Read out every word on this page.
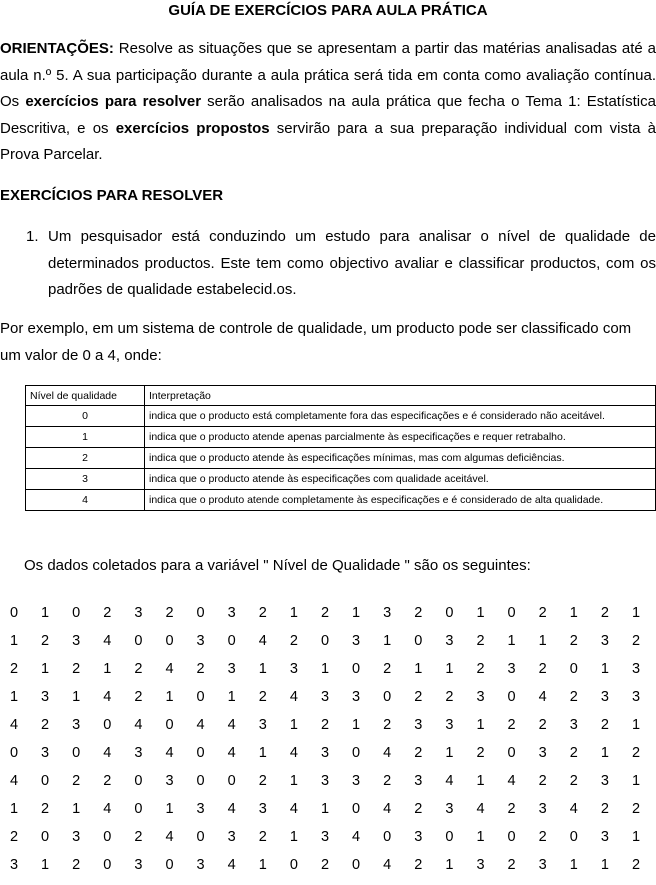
GUÍA DE EXERCÍCIOS PARA AULA PRÁTICA

ORIENTAÇÕES: Resolve as situações que se apresentam a partir das matérias analisadas até a aula n.º 5. A sua participação durante a aula prática será tida em conta como avaliação contínua. Os exercícios para resolver serão analisados na aula prática que fecha o Tema 1: Estatística Descritiva, e os exercícios propostos servirão para a sua preparação individual com vista à Prova Parcelar.

EXERCÍCIOS PARA RESOLVER
1. Um pesquisador está conduzindo um estudo para analisar o nível de qualidade de determinados productos. Este tem como objectivo avaliar e classificar productos, com os padrões de qualidade estabelecid.os.
Por exemplo, em um sistema de controle de qualidade, um producto pode ser classificado com um valor de 0 a 4, onde:
Nível de qualidade	Interpretação
0	indica que o producto está completamente fora das especificações e é considerado não aceitável.
1	indica que o producto atende apenas parcialmente às especificações e requer retrabalho.
2	indica que o producto atende às especificações mínimas, mas com algumas deficiências.
3	indica que o producto atende às especificações com qualidade aceitável.
4	indica que o produto atende completamente às especificações e é considerado de alta qualidade.
Os dados coletados para a variável " Nível de Qualidade " são os seguintes:
0	1	0	2	3	2	0	3	2	1	2	1	3	2	0	1	0	2	1	2	1
1	2	3	4	0	0	3	0	4	2	0	3	1	0	3	2	1	1	2	3	2
2	1	2	1	2	4	2	3	1	3	1	0	2	1	1	2	3	2	0	1	3
1	3	1	4	2	1	0	1	2	4	3	3	0	2	2	3	0	4	2	3	3
4	2	3	0	4	0	4	4	3	1	2	1	2	3	3	1	2	2	3	2	1
0	3	0	4	3	4	0	4	1	4	3	0	4	2	1	2	0	3	2	1	2
4	0	2	2	0	3	0	0	2	1	3	3	2	3	4	1	4	2	2	3	1
1	2	1	4	0	1	3	4	3	4	1	0	4	2	3	4	2	3	4	2	2
2	0	3	0	2	4	0	3	2	1	3	4	0	3	0	1	0	2	0	3	1
3	1	2	0	3	0	3	4	1	0	2	0	4	2	1	3	2	3	1	1	2
